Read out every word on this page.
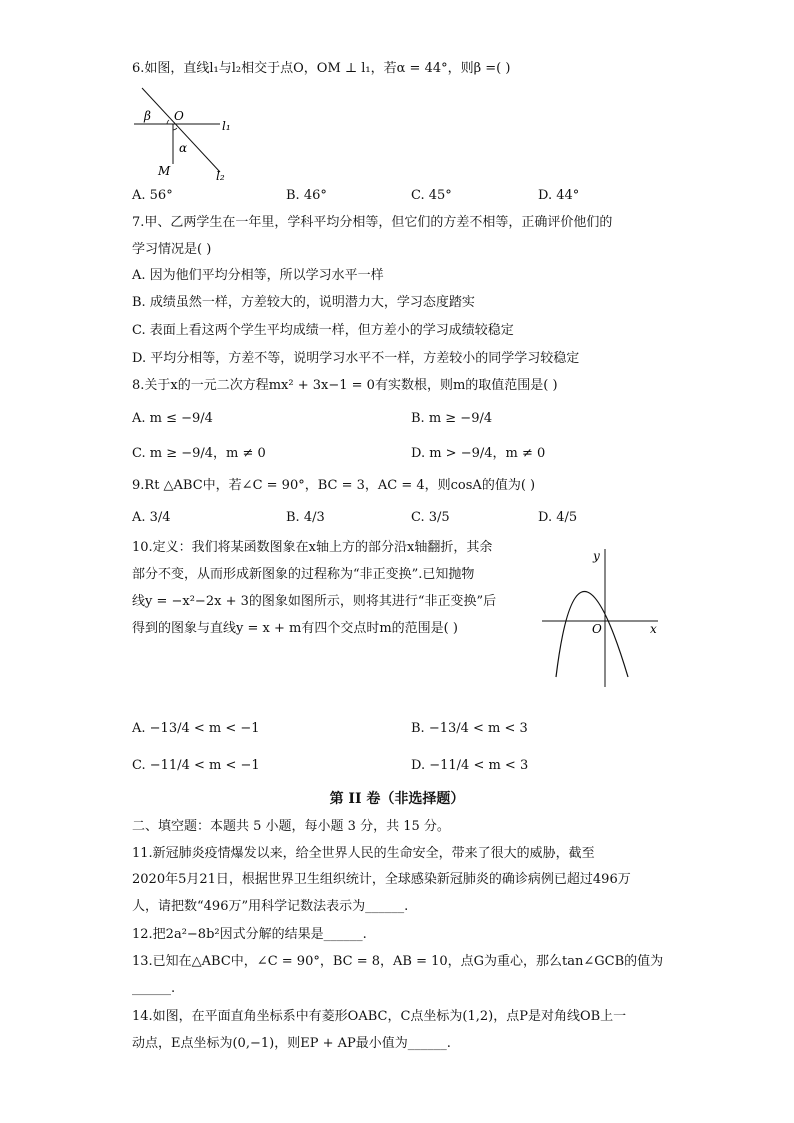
6.如图，直线l₁与l₂相交于点O，OM ⊥ l₁，若α = 44°，则β =( )
β O
l₁
α
M	l₂
A. 56°	B. 46°	C. 45°	D. 44°
7.甲、乙两学生在一年里，学科平均分相等，但它们的方差不相等，正确评价他们的
学习情况是( )
A. 因为他们平均分相等，所以学习水平一样
B. 成绩虽然一样，方差较大的，说明潜力大，学习态度踏实
C. 表面上看这两个学生平均成绩一样，但方差小的学习成绩较稳定
D. 平均分相等，方差不等，说明学习水平不一样，方差较小的同学学习较稳定
8.关于x的一元二次方程mx² + 3x−1 = 0有实数根，则m的取值范围是( )
A. m ≤ −9/4	B. m ≥ −9/4
C. m ≥ −9/4，m ≠ 0	D. m > −9/4，m ≠ 0
9.Rt △ABC中，若∠C = 90°，BC = 3，AC = 4，则cosA的值为( )
A. 3/4	B. 4/3	C. 3/5	D. 4/5
10.定义：我们将某函数图象在x轴上方的部分沿x轴翻折，其余
部分不变，从而形成新图象的过程称为“非正变换”.已知抛物
线y = −x²−2x + 3的图象如图所示，则将其进行“非正变换”后
得到的图象与直线y = x + m有四个交点时m的范围是( )
y
O	x
A. −13/4 < m < −1	B. −13/4 < m < 3
C. −11/4 < m < −1	D. −11/4 < m < 3
第 II 卷（非选择题）
二、填空题：本题共 5 小题，每小题 3 分，共 15 分。
11.新冠肺炎疫情爆发以来，给全世界人民的生命安全，带来了很大的威胁，截至
2020年5月21日，根据世界卫生组织统计，全球感染新冠肺炎的确诊病例已超过496万
人，请把数“496万”用科学记数法表示为______.
12.把2a²−8b²因式分解的结果是______.
13.已知在△ABC中，∠C = 90°，BC = 8，AB = 10，点G为重心，那么tan∠GCB的值为
______.
14.如图，在平面直角坐标系中有菱形OABC，C点坐标为(1,2)，点P是对角线OB上一
动点，E点坐标为(0,−1)，则EP + AP最小值为______.
